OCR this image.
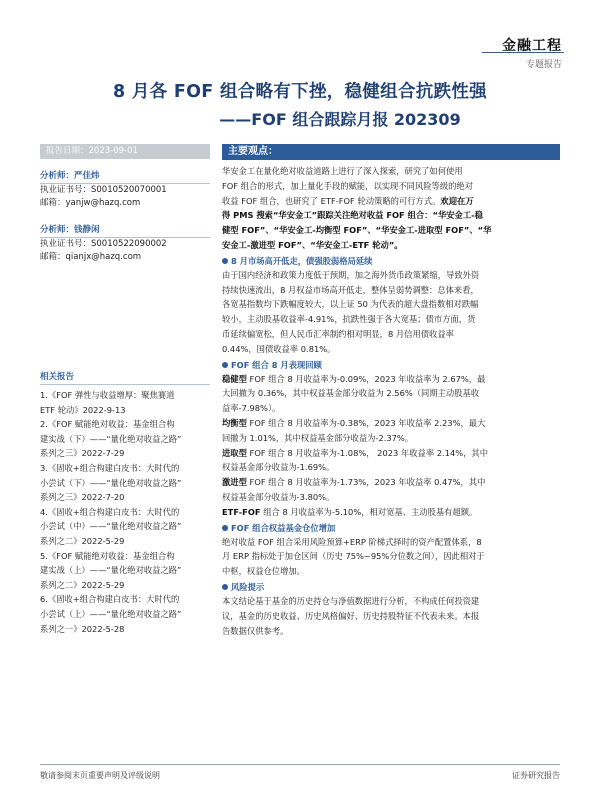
金融工程
专题报告
8 月各 FOF 组合略有下挫，稳健组合抗跌性强
——FOF 组合跟踪月报 202309
报告日期：2023-09-01
分析师：严佳炜
执业证书号：S0010520070001
邮箱：yanjw@hazq.com
分析师：钱静闲
执业证书号：S0010522090002
邮箱：qianjx@hazq.com
相关报告
1.《FOF 弹性与收益增厚：聚焦赛道
ETF 轮动》2022-9-13
2.《FOF 赋能绝对收益：基金组合构
建实战（下）——“量化绝对收益之路”
系列之三》2022-7-29
3.《固收+组合构建白皮书：大时代的
小尝试（下）——“量化绝对收益之路”
系列之三》2022-7-20
4.《固收+组合构建白皮书：大时代的
小尝试（中）——“量化绝对收益之路”
系列之二》2022-5-29
5.《FOF 赋能绝对收益：基金组合构
建实战（上）——“量化绝对收益之路”
系列之二》2022-5-29
6.《固收+组合构建白皮书：大时代的
小尝试（上）——“量化绝对收益之路”
系列之一》2022-5-28
主要观点：
华安金工在量化绝对收益道路上进行了深入探索，研究了如何使用
FOF 组合的形式，加上量化手段的赋能，以实现不同风险等级的绝对
收益 FOF 组合，也研究了 ETF-FOF 轮动策略的可行方式。欢迎在万
得 PMS 搜索“华安金工”跟踪关注绝对收益 FOF 组合：“华安金工-稳
健型 FOF”、“华安金工-均衡型 FOF”、“华安金工-进取型 FOF”、“华
安金工-激进型 FOF”、“华安金工-ETF 轮动”。
8 月市场高开低走，债强股弱格局延续
由于国内经济和政策力度低于预期，加之海外货币政策紧缩，导致外资
持续快速流出，8 月权益市场高开低走，整体呈弱势调整：总体来看，
各宽基指数均下跌幅度较大，以上证 50 为代表的超大盘指数相对跌幅
较小，主动股基收益率-4.91%，抗跌性强于各大宽基；债市方面，货
币延续偏宽松，但人民币汇率制约相对明显，8 月信用债收益率
0.44%，国债收益率 0.81%。
FOF 组合 8 月表现回顾
稳健型 FOF 组合 8 月收益率为-0.09%，2023 年收益率为 2.67%，最
大回撤为 0.36%，其中权益基金部分收益为 2.56%（同期主动股基收
益率-7.98%）。
均衡型 FOF 组合 8 月收益率为-0.38%，2023 年收益率 2.23%，最大
回撤为 1.01%，其中权益基金部分收益为-2.37%。
进取型 FOF 组合 8 月收益率为-1.08%， 2023 年收益率 2.14%，其中
权益基金部分收益为-1.69%。
激进型 FOF 组合 8 月收益率为-1.73%，2023 年收益率 0.47%，其中
权益基金部分收益为-3.80%。
ETF-FOF 组合 8 月收益率为-5.10%，相对宽基、主动股基有超额。
FOF 组合权益基金仓位增加
绝对收益 FOF 组合采用风险预算+ERP 阶梯式择时的资产配置体系，8
月 ERP 指标处于加仓区间（历史 75%~95%分位数之间），因此相对于
中枢，权益仓位增加。
风险提示
本文结论基于基金的历史持仓与净值数据进行分析，不构成任何投资建
议，基金的历史收益、历史风格偏好、历史持股特征不代表未来。本报
告数据仅供参考。
敬请参阅末页重要声明及评级说明	证券研究报告
